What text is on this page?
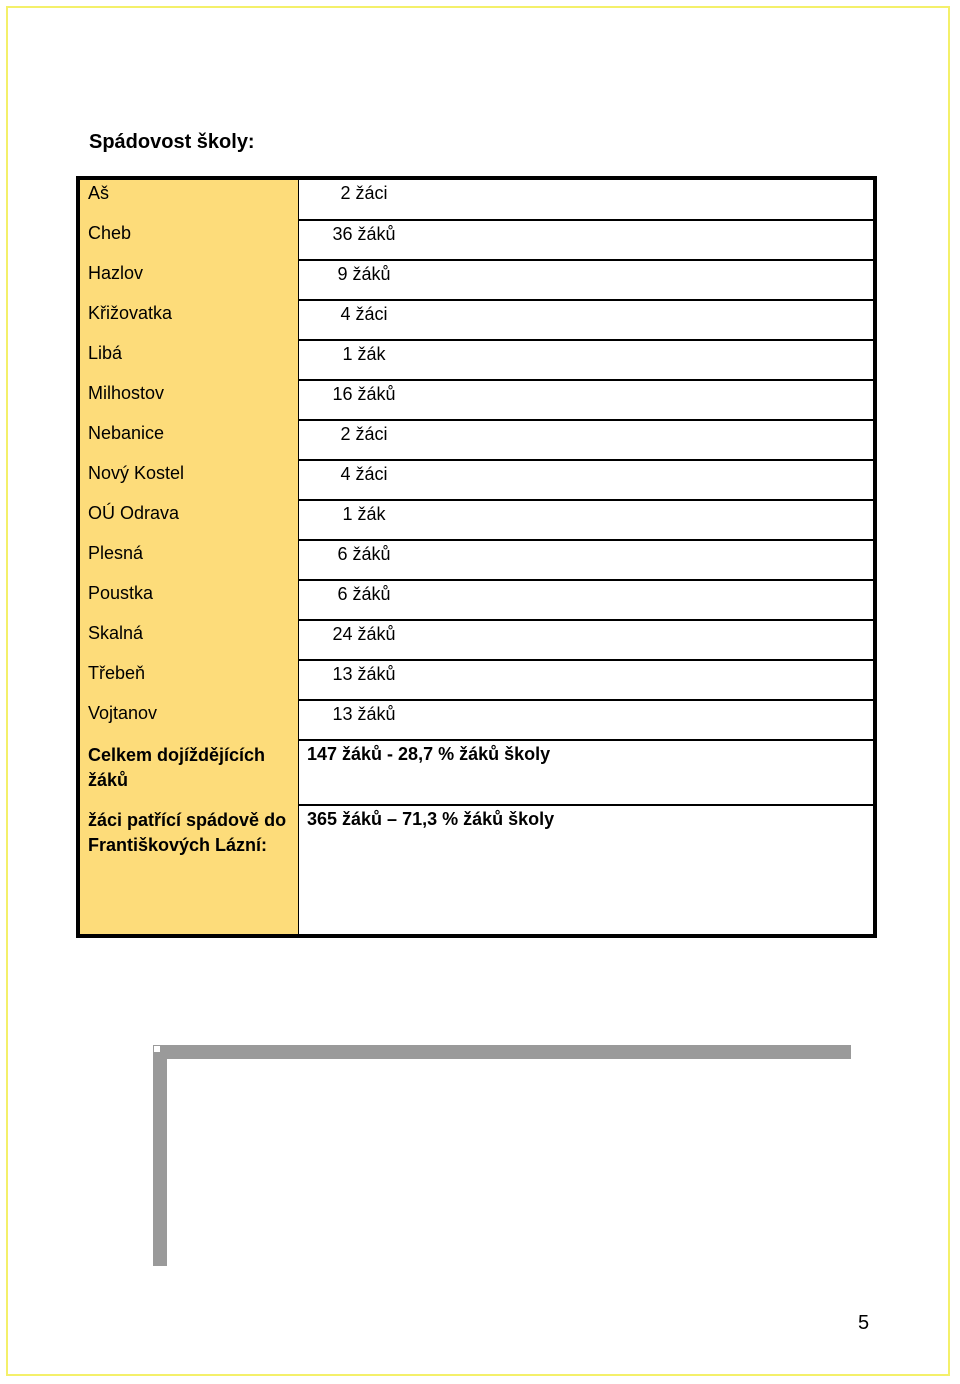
Spádovost školy:
Aš	2 žáci
Cheb	36 žáků
Hazlov	9 žáků
Křižovatka	4 žáci
Libá	1 žák
Milhostov	16 žáků
Nebanice	2 žáci
Nový Kostel	4 žáci
OÚ Odrava	1 žák
Plesná	6 žáků
Poustka	6 žáků
Skalná	24 žáků
Třebeň	13 žáků
Vojtanov	13 žáků
Celkem dojíždějících žáků	147 žáků - 28,7 % žáků školy
žáci patřící spádově do Františkových Lázní:	365 žáků – 71,3 % žáků školy
5
